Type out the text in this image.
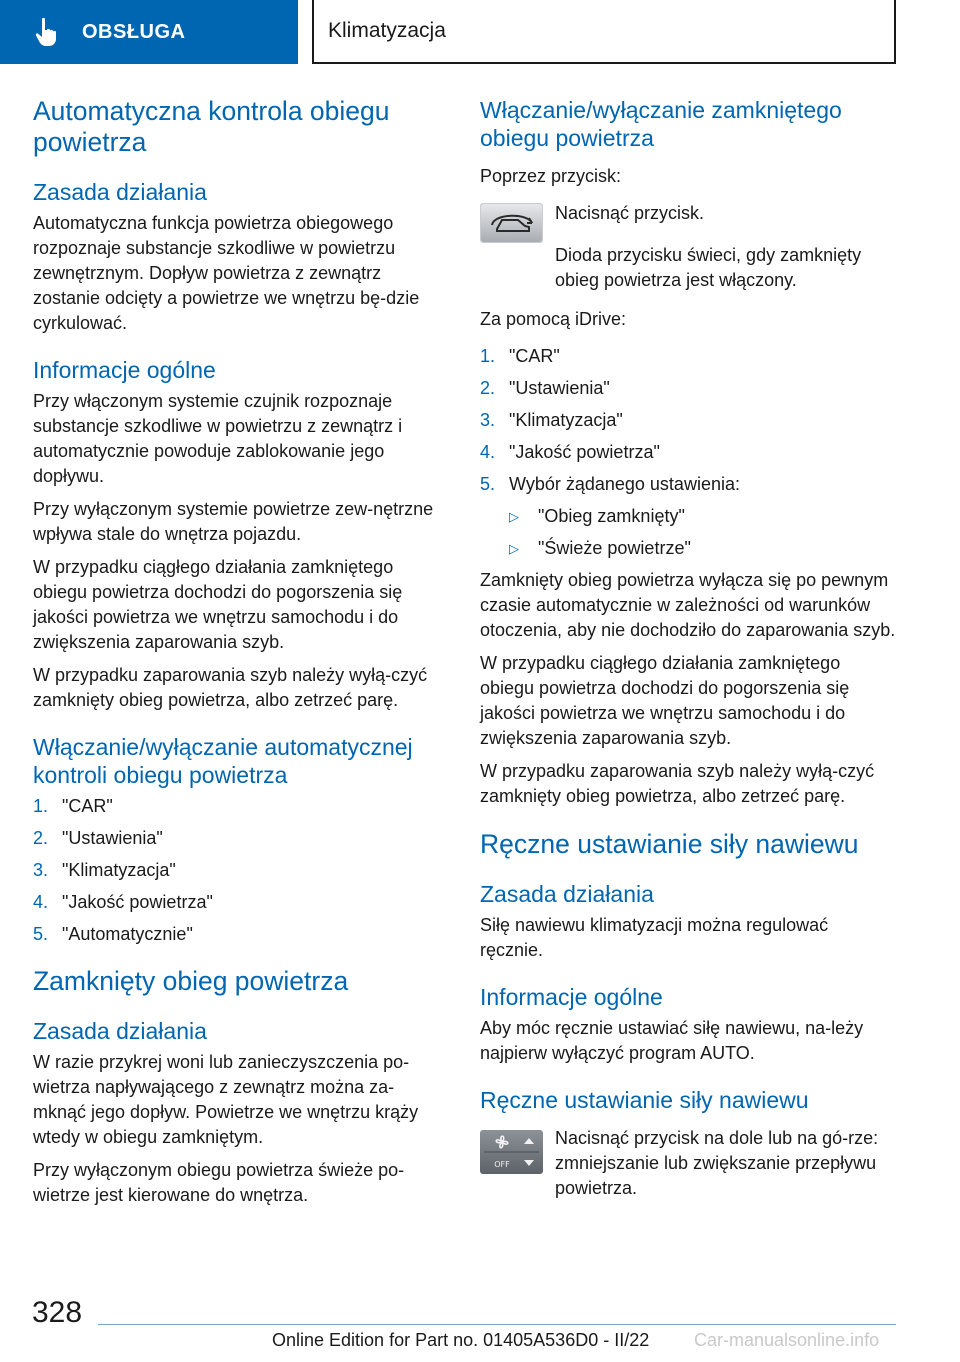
OBSŁUGA	Klimatyzacja
Automatyczna kontrola obiegu powietrza
Zasada działania

Automatyczna funkcja powietrza obiegowego rozpoznaje substancje szkodliwe w powietrzu zewnętrznym. Dopływ powietrza z zewnątrz zostanie odcięty a powietrze we wnętrzu bę-dzie cyrkulować.

Informacje ogólne

Przy włączonym systemie czujnik rozpoznaje substancje szkodliwe w powietrzu z zewnątrz i automatycznie powoduje zablokowanie jego dopływu.

Przy wyłączonym systemie powietrze zew-nętrzne wpływa stale do wnętrza pojazdu.

W przypadku ciągłego działania zamkniętego obiegu powietrza dochodzi do pogorszenia się jakości powietrza we wnętrzu samochodu i do zwiększenia zaparowania szyb.

W przypadku zaparowania szyb należy wyłą-czyć zamknięty obieg powietrza, albo zetrzeć parę.

Włączanie/wyłączanie automatycznej kontroli obiegu powietrza
1. "CAR"
2. "Ustawienia"
3. "Klimatyzacja"
4. "Jakość powietrza"
5. "Automatycznie"
Zamknięty obieg powietrza
Zasada działania

W razie przykrej woni lub zanieczyszczenia po-wietrza napływającego z zewnątrz można za-mknąć jego dopływ. Powietrze we wnętrzu krąży wtedy w obiegu zamkniętym.

Przy wyłączonym obiegu powietrza świeże po-wietrze jest kierowane do wnętrza.

Włączanie/wyłączanie zamkniętego obiegu powietrza

Poprzez przycisk:

Nacisnąć przycisk.

Dioda przycisku świeci, gdy zamknięty obieg powietrza jest włączony.

Za pomocą iDrive:

1. "CAR"
2. "Ustawienia"
3. "Klimatyzacja"
4. "Jakość powietrza"
5. Wybór żądanego ustawienia:
▷	"Obieg zamknięty"
▷	"Świeże powietrze"

Zamknięty obieg powietrza wyłącza się po pewnym czasie automatycznie w zależności od warunków otoczenia, aby nie dochodziło do zaparowania szyb.

W przypadku ciągłego działania zamkniętego obiegu powietrza dochodzi do pogorszenia się jakości powietrza we wnętrzu samochodu i do zwiększenia zaparowania szyb.

W przypadku zaparowania szyb należy wyłą-czyć zamknięty obieg powietrza, albo zetrzeć parę.

Ręczne ustawianie siły nawiewu
Zasada działania

Siłę nawiewu klimatyzacji można regulować ręcznie.

Informacje ogólne

Aby móc ręcznie ustawiać siłę nawiewu, na-leży najpierw wyłączyć program AUTO.

Ręczne ustawianie siły nawiewu
OFF

Nacisnąć przycisk na dole lub na gó-rze: zmniejszanie lub zwiększanie przepływu powietrza.

328
Online Edition for Part no. 01405A536D0 - II/22 Car-manualsonline.info
